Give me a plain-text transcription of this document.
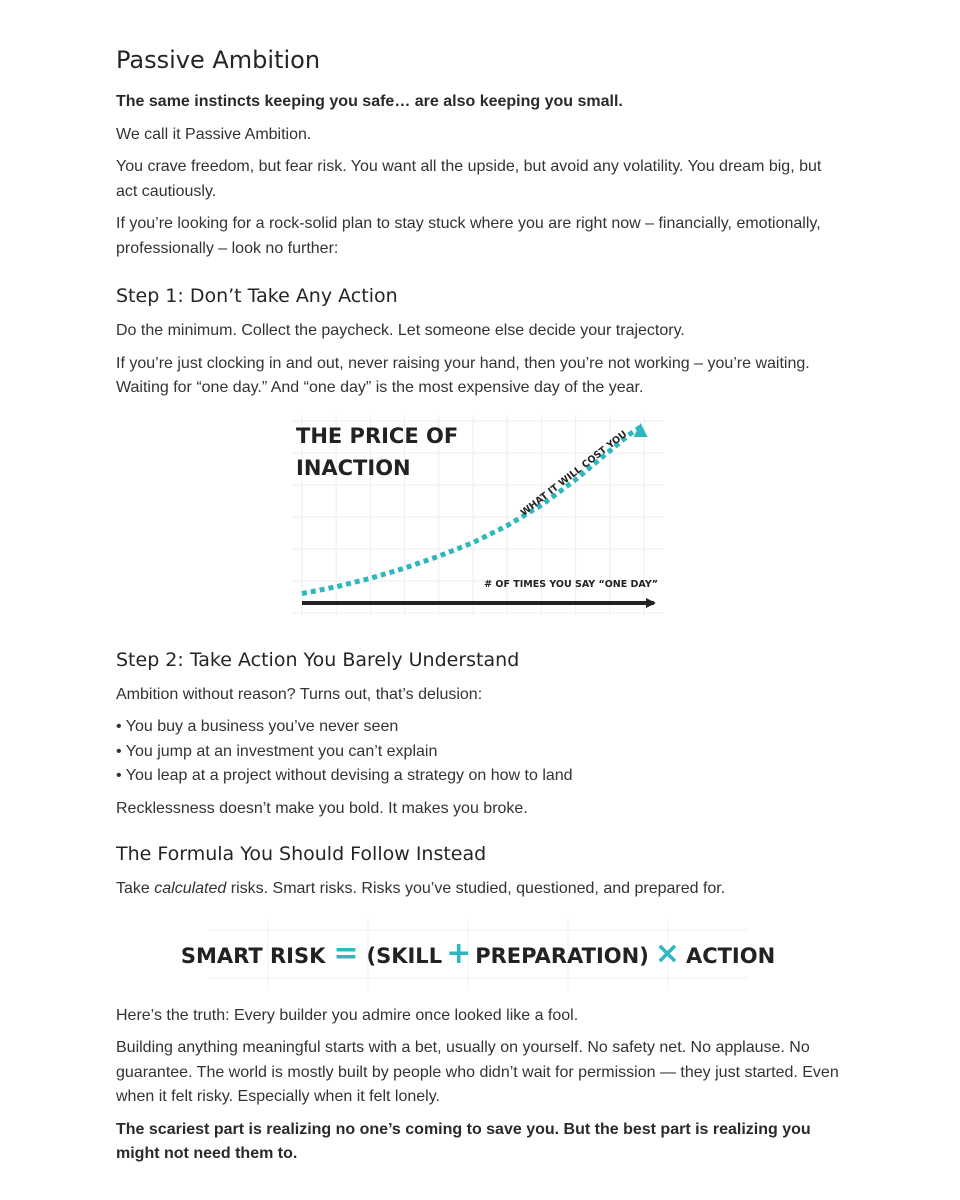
Passive Ambition

The same instincts keeping you safe… are also keeping you small.

We call it Passive Ambition.

You crave freedom, but fear risk. You want all the upside, but avoid any volatility. You dream big, but act cautiously.

If you’re looking for a rock-solid plan to stay stuck where you are right now – financially, emotionally, professionally – look no further:

Step 1: Don’t Take Any Action

Do the minimum. Collect the paycheck. Let someone else decide your trajectory.

If you’re just clocking in and out, never raising your hand, then you’re not working – you’re waiting. Waiting for “one day.” And “one day” is the most expensive day of the year.

THE PRICE OF
INACTION
# OF TIMES YOU SAY “ONE DAY”
WHAT IT WILL COST YOU
Step 2: Take Action You Barely Understand

Ambition without reason? Turns out, that’s delusion:

• You buy a business you’ve never seen
• You jump at an investment you can’t explain
• You leap at a project without devising a strategy on how to land

Recklessness doesn’t make you bold. It makes you broke.

The Formula You Should Follow Instead

Take calculated risks. Smart risks. Risks you’ve studied, questioned, and prepared for.

SMART RISK = (SKILL + PREPARATION) × ACTION

Here’s the truth: Every builder you admire once looked like a fool.

Building anything meaningful starts with a bet, usually on yourself. No safety net. No applause. No guarantee. The world is mostly built by people who didn’t wait for permission — they just started. Even when it felt risky. Especially when it felt lonely.

The scariest part is realizing no one’s coming to save you. But the best part is realizing you might not need them to.
